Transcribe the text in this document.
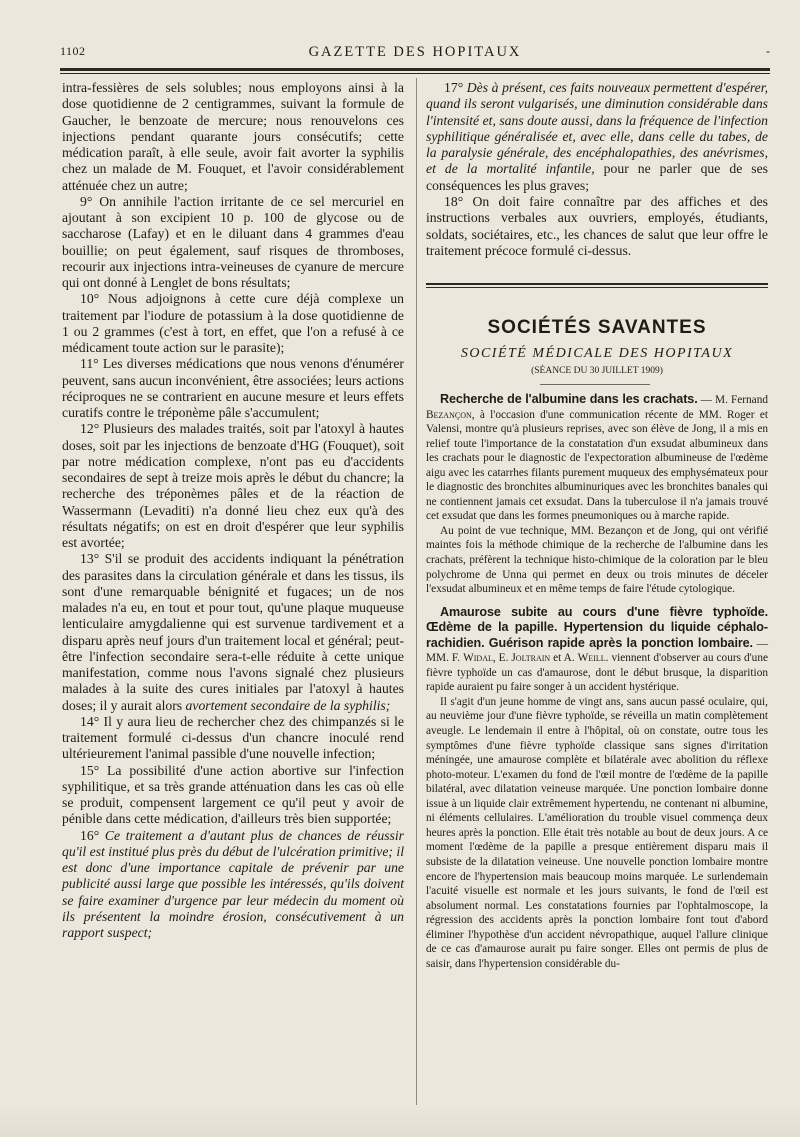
1102	GAZETTE DES HOPITAUX	-

intra-fessières de sels solubles; nous employons ainsi à la dose quotidienne de 2 centigrammes, suivant la formule de Gaucher, le benzoate de mercure; nous renouvelons ces injections pendant quarante jours consécutifs; cette médication paraît, à elle seule, avoir fait avorter la syphilis chez un malade de M. Fouquet, et l'avoir considérablement atténuée chez un autre;

9° On annihile l'action irritante de ce sel mercuriel en ajoutant à son excipient 10 p. 100 de glycose ou de saccharose (Lafay) et en le diluant dans 4 grammes d'eau bouillie; on peut également, sauf risques de thromboses, recourir aux injections intra-veineuses de cyanure de mercure qui ont donné à Lenglet de bons résultats;

10° Nous adjoignons à cette cure déjà complexe un traitement par l'iodure de potassium à la dose quotidienne de 1 ou 2 grammes (c'est à tort, en effet, que l'on a refusé à ce médicament toute action sur le parasite);

11° Les diverses médications que nous venons d'énumérer peuvent, sans aucun inconvénient, être associées; leurs actions réciproques ne se contrarient en aucune mesure et leurs effets curatifs contre le tréponème pâle s'accumulent;

12° Plusieurs des malades traités, soit par l'atoxyl à hautes doses, soit par les injections de benzoate d'HG (Fouquet), soit par notre médication complexe, n'ont pas eu d'accidents secondaires de sept à treize mois après le début du chancre; la recherche des tréponèmes pâles et de la réaction de Wassermann (Levaditi) n'a donné lieu chez eux qu'à des résultats négatifs; on est en droit d'espérer que leur syphilis est avortée;

13° S'il se produit des accidents indiquant la pénétration des parasites dans la circulation générale et dans les tissus, ils sont d'une remarquable bénignité et fugaces; un de nos malades n'a eu, en tout et pour tout, qu'une plaque muqueuse lenticulaire amygdalienne qui est survenue tardivement et a disparu après neuf jours d'un traitement local et général; peut-être l'infection secondaire sera-t-elle réduite à cette unique manifestation, comme nous l'avons signalé chez plusieurs malades à la suite des cures initiales par l'atoxyl à hautes doses; il y aurait alors avortement secondaire de la syphilis;

14° Il y aura lieu de rechercher chez des chimpanzés si le traitement formulé ci-dessus d'un chancre inoculé rend ultérieurement l'animal passible d'une nouvelle infection;

15° La possibilité d'une action abortive sur l'infection syphilitique, et sa très grande atténuation dans les cas où elle se produit, compensent largement ce qu'il peut y avoir de pénible dans cette médication, d'ailleurs très bien supportée;

16° Ce traitement a d'autant plus de chances de réussir qu'il est institué plus près du début de l'ulcération primitive; il est donc d'une importance capitale de prévenir par une publicité aussi large que possible les intéressés, qu'ils doivent se faire examiner d'urgence par leur médecin du moment où ils présentent la moindre érosion, consécutivement à un rapport suspect;

17° Dès à présent, ces faits nouveaux permettent d'espérer, quand ils seront vulgarisés, une diminution considérable dans l'intensité et, sans doute aussi, dans la fréquence de l'infection syphilitique généralisée et, avec elle, dans celle du tabes, de la paralysie générale, des encéphalopathies, des anévrismes, et de la mortalité infantile, pour ne parler que de ses conséquences les plus graves;

18° On doit faire connaître par des affiches et des instructions verbales aux ouvriers, employés, étudiants, soldats, sociétaires, etc., les chances de salut que leur offre le traitement précoce formulé ci-dessus.

SOCIÉTÉS SAVANTES
SOCIÉTÉ MÉDICALE DES HOPITAUX
(SÉANCE DU 30 JUILLET 1909)

Recherche de l'albumine dans les crachats. — M. Fernand Bezançon, à l'occasion d'une communication récente de MM. Roger et Valensi, montre qu'à plusieurs reprises, avec son élève de Jong, il a mis en relief toute l'importance de la constatation d'un exsudat albumineux dans les crachats pour le diagnostic de l'expectoration albumineuse de l'œdème aigu avec les catarrhes filants purement muqueux des emphysémateux pour le diagnostic des bronchites albuminuriques avec les bronchites banales qui ne contiennent jamais cet exsudat. Dans la tuberculose il n'a jamais trouvé cet exsudat que dans les formes pneumoniques ou à marche rapide.

Au point de vue technique, MM. Bezançon et de Jong, qui ont vérifié maintes fois la méthode chimique de la recherche de l'albumine dans les crachats, préfèrent la technique histo-chimique de la coloration par le bleu polychrome de Unna qui permet en deux ou trois minutes de déceler l'exsudat albumineux et en même temps de faire l'étude cytologique.

Amaurose subite au cours d'une fièvre typhoïde. Œdème de la papille. Hypertension du liquide céphalo-rachidien. Guérison rapide après la ponction lombaire. — MM. F. Widal, E. Joltrain et A. Weill. viennent d'observer au cours d'une fièvre typhoïde un cas d'amaurose, dont le début brusque, la disparition rapide auraient pu faire songer à un accident hystérique.

Il s'agit d'un jeune homme de vingt ans, sans aucun passé oculaire, qui, au neuvième jour d'une fièvre typhoïde, se réveilla un matin complètement aveugle. Le lendemain il entre à l'hôpital, où on constate, outre tous les symptômes d'une fièvre typhoïde classique sans signes d'irritation méningée, une amaurose complète et bilatérale avec abolition du réflexe photo-moteur. L'examen du fond de l'œil montre de l'œdème de la papille bilatéral, avec dilatation veineuse marquée. Une ponction lombaire donne issue à un liquide clair extrêmement hypertendu, ne contenant ni albumine, ni éléments cellulaires. L'amélioration du trouble visuel commença deux heures après la ponction. Elle était très notable au bout de deux jours. A ce moment l'œdème de la papille a presque entièrement disparu mais il subsiste de la dilatation veineuse. Une nouvelle ponction lombaire montre encore de l'hypertension mais beaucoup moins marquée. Le surlendemain l'acuité visuelle est normale et les jours suivants, le fond de l'œil est absolument normal. Les constatations fournies par l'ophtalmoscope, la régression des accidents après la ponction lombaire font tout d'abord éliminer l'hypothèse d'un accident névropathique, auquel l'allure clinique de ce cas d'amaurose aurait pu faire songer. Elles ont permis de plus de saisir, dans l'hypertension considérable du-
